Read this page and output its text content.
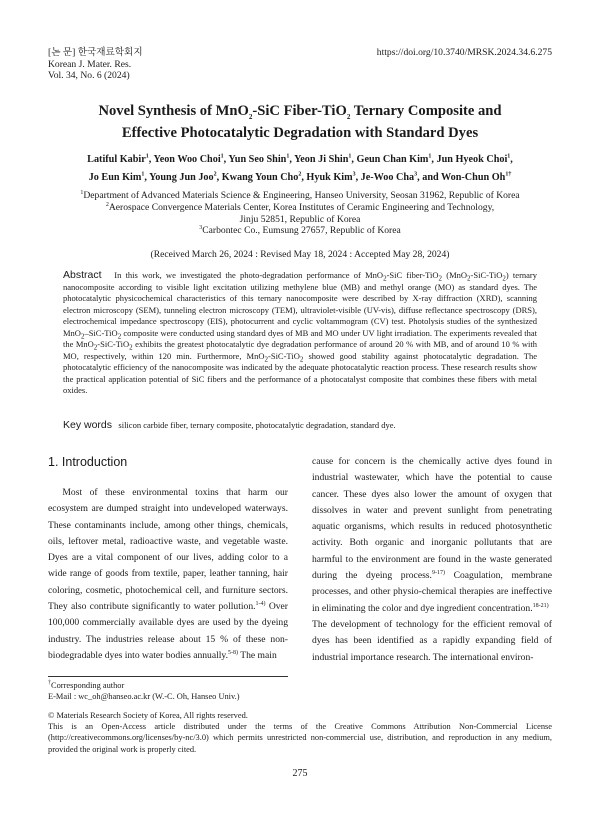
[논 문] 한국재료학회지
Korean J. Mater. Res.
Vol. 34, No. 6 (2024)
https://doi.org/10.3740/MRSK.2024.34.6.275
Novel Synthesis of MnO$_2$-SiC Fiber-TiO$_2$ Ternary Composite and
Effective Photocatalytic Degradation with Standard Dyes
Latiful Kabir$^1$, Yeon Woo Choi$^1$, Yun Seo Shin$^1$, Yeon Ji Shin$^1$, Geun Chan Kim$^1$, Jun Hyeok Choi$^1$,
Jo Eun Kim$^1$, Young Jun Joo$^2$, Kwang Youn Cho$^2$, Hyuk Kim$^3$, Je-Woo Cha$^3$, and Won-Chun $Oh^{1\dagger}$
$^1$Department of Advanced Materials Science & Engineering, Hanseo University, Seosan 31962, Republic of Korea
$^2$Aerospace Convergence Materials Center, Korea Institutes of Ceramic Engineering and Technology,
Jinju 52851, Republic of Korea
$^3$Carbontec Co., Eumsung 27657, Republic of Korea
(Received March 26, 2024 : Revised May 18, 2024 : Accepted May 28, 2024)
Abstract In this work, we investigated the photo-degradation performance of MnO$_2$-SiC fiber-TiO$_2$ (MnO$_2$-SiC-TiO$_2$) ternary nanocomposite according to visible light excitation utilizing methylene blue (MB) and methyl orange (MO) as standard dyes. The photocatalytic physicochemical characteristics of this ternary nanocomposite were described by X-ray diffraction (XRD), scanning electron microscopy (SEM), tunneling electron microscopy (TEM), ultraviolet-visible (UV-vis), diffuse reflectance spectroscopy (DRS), electrochemical impedance spectroscopy (EIS), photocurrent and cyclic voltammogram (CV) test. Photolysis studies of the synthesized MnO$_2$–SiC-TiO$_2$ composite were conducted using standard dyes of MB and MO under UV light irradiation. The experiments revealed that the MnO$_2$-SiC-TiO$_2$ exhibits the greatest photocatalytic dye degradation performance of around 20 % with MB, and of around 10 % with MO, respectively, within 120 min. Furthermore, MnO$_2$-SiC-TiO$_2$ showed good stability against photocatalytic degradation. The photocatalytic efficiency of the nanocomposite was indicated by the adequate photocatalytic reaction process. These research results show the practical application potential of SiC fibers and the performance of a photocatalyst composite that combines these fibers with metal oxides.
Key words silicon carbide fiber, ternary composite, photocatalytic degradation, standard dye.
1. Introduction

Most of these environmental toxins that harm our ecosystem are dumped straight into undeveloped waterways. These contaminants include, among other things, chemicals, oils, leftover metal, radioactive waste, and vegetable waste. Dyes are a vital component of our lives, adding color to a wide range of goods from textile, paper, leather tanning, hair coloring, cosmetic, photochemical cell, and furniture sectors. They also contribute significantly to water pollution.$^{1-4)}$ Over 100,000 commercially available dyes are used by the dyeing industry. The industries release about 15 % of these non-biodegradable dyes into water bodies annually.$^{5-8)}$ The main

cause for concern is the chemically active dyes found in industrial wastewater, which have the potential to cause cancer. These dyes also lower the amount of oxygen that dissolves in water and prevent sunlight from penetrating aquatic organisms, which results in reduced photosynthetic activity. Both organic and inorganic pollutants that are harmful to the environment are found in the waste generated during the dyeing process.$^{9-17)}$ Coagulation, membrane processes, and other physio-chemical therapies are ineffective in eliminating the color and dye ingredient concentration.$^{18-21)}$

The development of technology for the efficient removal of dyes has been identified as a rapidly expanding field of industrial importance research. The international environ-

†Corresponding author
E-Mail : wc_oh@hanseo.ac.kr (W.-C. Oh, Hanseo Univ.)
© Materials Research Society of Korea, All rights reserved.
This is an Open-Access article distributed under the terms of the Creative Commons Attribution Non-Commercial License (http://creativecommons.org/licenses/by-nc/3.0) which permits unrestricted non-commercial use, distribution, and reproduction in any medium, provided the original work is properly cited.
275
